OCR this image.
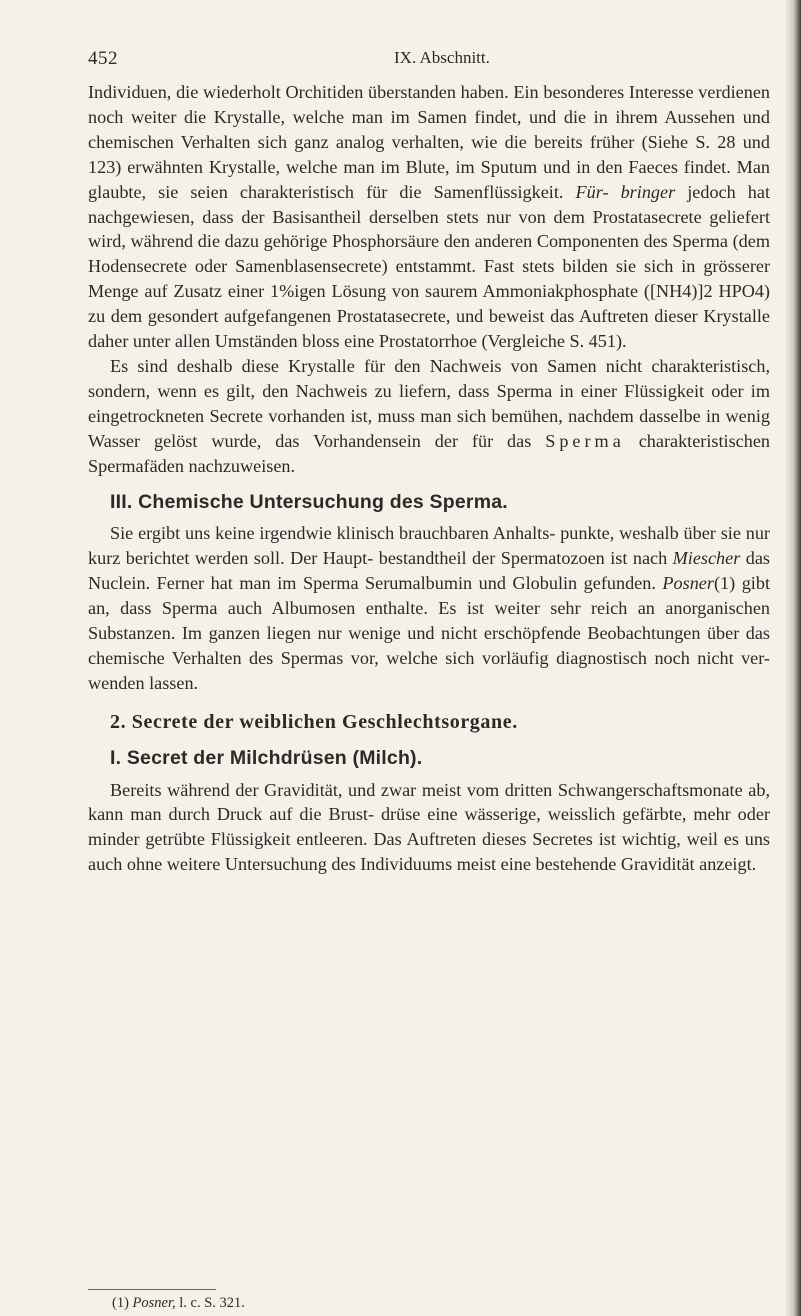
452	IX. Abschnitt.

Individuen, die wiederholt Orchitiden überstanden haben. Ein besonderes Interesse verdienen noch weiter die Krystalle, welche man im Samen findet, und die in ihrem Aussehen und chemischen Verhalten sich ganz analog verhalten, wie die bereits früher (Siehe S. 28 und 123) erwähnten Krystalle, welche man im Blute, im Sputum und in den Faeces findet. Man glaubte, sie seien charakteristisch für die Samenflüssigkeit. Für- bringer jedoch hat nachgewiesen, dass der Basisantheil derselben stets nur von dem Prostatasecrete geliefert wird, während die dazu gehörige Phosphorsäure den anderen Componenten des Sperma (dem Hodensecrete oder Samenblasensecrete) entstammt. Fast stets bilden sie sich in grösserer Menge auf Zusatz einer 1%igen Lösung von saurem Ammoniakphosphate ([NH4)]2 HPO4) zu dem gesondert aufgefangenen Prostatasecrete, und beweist das Auftreten dieser Krystalle daher unter allen Umständen bloss eine Prostatorrhoe (Vergleiche S. 451).

Es sind deshalb diese Krystalle für den Nachweis von Samen nicht charakteristisch, sondern, wenn es gilt, den Nachweis zu liefern, dass Sperma in einer Flüssigkeit oder im eingetrockneten Secrete vorhanden ist, muss man sich bemühen, nachdem dasselbe in wenig Wasser gelöst wurde, das Vorhandensein der für das Sperma charakteristischen Spermafäden nachzuweisen.

III. Chemische Untersuchung des Sperma.

Sie ergibt uns keine irgendwie klinisch brauchbaren Anhalts- punkte, weshalb über sie nur kurz berichtet werden soll. Der Haupt- bestandtheil der Spermatozoen ist nach Miescher das Nuclein. Ferner hat man im Sperma Serumalbumin und Globulin gefunden. Posner(1) gibt an, dass Sperma auch Albumosen enthalte. Es ist weiter sehr reich an anorganischen Substanzen. Im ganzen liegen nur wenige und nicht erschöpfende Beobachtungen über das chemische Verhalten des Spermas vor, welche sich vorläufig diagnostisch noch nicht ver- wenden lassen.

2. Secrete der weiblichen Geschlechtsorgane.

I. Secret der Milchdrüsen (Milch).

Bereits während der Gravidität, und zwar meist vom dritten Schwangerschaftsmonate ab, kann man durch Druck auf die Brust- drüse eine wässerige, weisslich gefärbte, mehr oder minder getrübte Flüssigkeit entleeren. Das Auftreten dieses Secretes ist wichtig, weil es uns auch ohne weitere Untersuchung des Individuums meist eine bestehende Gravidität anzeigt.

(1) Posner, l. c. S. 321.
